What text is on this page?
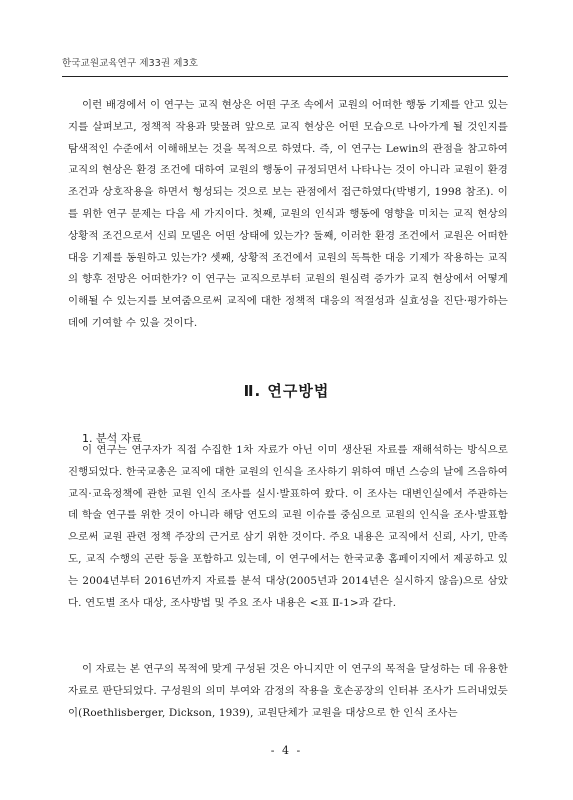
한국교원교육연구 제33권 제3호

이런 배경에서 이 연구는 교직 현상은 어떤 구조 속에서 교원의 어떠한 행동 기제를 안고 있는지를 살펴보고, 정책적 작용과 맞물려 앞으로 교직 현상은 어떤 모습으로 나아가게 될 것인지를 탐색적인 수준에서 이해해보는 것을 목적으로 하였다. 즉, 이 연구는 Lewin의 관점을 참고하여 교직의 현상은 환경 조건에 대하여 교원의 행동이 규정되면서 나타나는 것이 아니라 교원이 환경 조건과 상호작용을 하면서 형성되는 것으로 보는 관점에서 접근하였다(박병기, 1998 참조). 이를 위한 연구 문제는 다음 세 가지이다. 첫째, 교원의 인식과 행동에 영향을 미치는 교직 현상의 상황적 조건으로서 신뢰 모델은 어떤 상태에 있는가? 둘째, 이러한 환경 조건에서 교원은 어떠한 대응 기제를 동원하고 있는가? 셋째, 상황적 조건에서 교원의 독특한 대응 기제가 작용하는 교직의 향후 전망은 어떠한가? 이 연구는 교직으로부터 교원의 원심력 증가가 교직 현상에서 어떻게 이해될 수 있는지를 보여줌으로써 교직에 대한 정책적 대응의 적절성과 실효성을 진단·평가하는 데에 기여할 수 있을 것이다.

Ⅱ. 연구방법
1. 분석 자료

이 연구는 연구자가 직접 수집한 1차 자료가 아닌 이미 생산된 자료를 재해석하는 방식으로 진행되었다. 한국교총은 교직에 대한 교원의 인식을 조사하기 위하여 매년 스승의 날에 즈음하여 교직·교육정책에 관한 교원 인식 조사를 실시·발표하여 왔다. 이 조사는 대변인실에서 주관하는데 학술 연구를 위한 것이 아니라 해당 연도의 교원 이슈를 중심으로 교원의 인식을 조사·발표함으로써 교원 관련 정책 주장의 근거로 삼기 위한 것이다. 주요 내용은 교직에서 신뢰, 사기, 만족도, 교직 수행의 곤란 등을 포함하고 있는데, 이 연구에서는 한국교총 홈페이지에서 제공하고 있는 2004년부터 2016년까지 자료를 분석 대상(2005년과 2014년은 실시하지 않음)으로 삼았다. 연도별 조사 대상, 조사방법 및 주요 조사 내용은 <표 Ⅱ-1>과 같다.

이 자료는 본 연구의 목적에 맞게 구성된 것은 아니지만 이 연구의 목적을 달성하는 데 유용한 자료로 판단되었다. 구성원의 의미 부여와 감정의 작용을 호손공장의 인터뷰 조사가 드러내었듯이(Roethlisberger, Dickson, 1939), 교원단체가 교원을 대상으로 한 인식 조사는

- 4 -
